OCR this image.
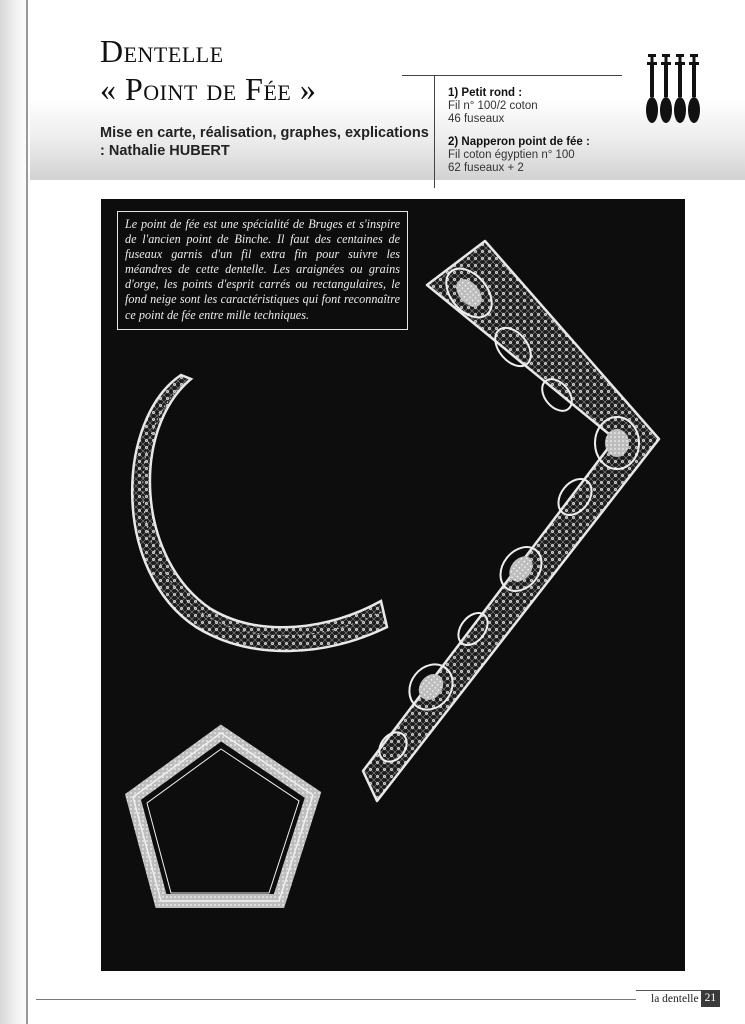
Dentelle
« Point de Fée »

Mise en carte, réalisation, graphes, explications : Nathalie HUBERT

1) Petit rond :
Fil n° 100/2 coton
46 fuseaux
2) Napperon point de fée :
Fil coton égyptien n° 100
62 fuseaux + 2
Le point de fée est une spécialité de Bruges et s'inspire de l'ancien point de Binche. Il faut des centaines de fuseaux garnis d'un fil extra fin pour suivre les méandres de cette dentelle. Les araignées ou grains d'orge, les points d'esprit carrés ou rectangulaires, le fond neige sont les caractéristiques qui font reconnaître ce point de fée entre mille techniques.
la dentelle 21
